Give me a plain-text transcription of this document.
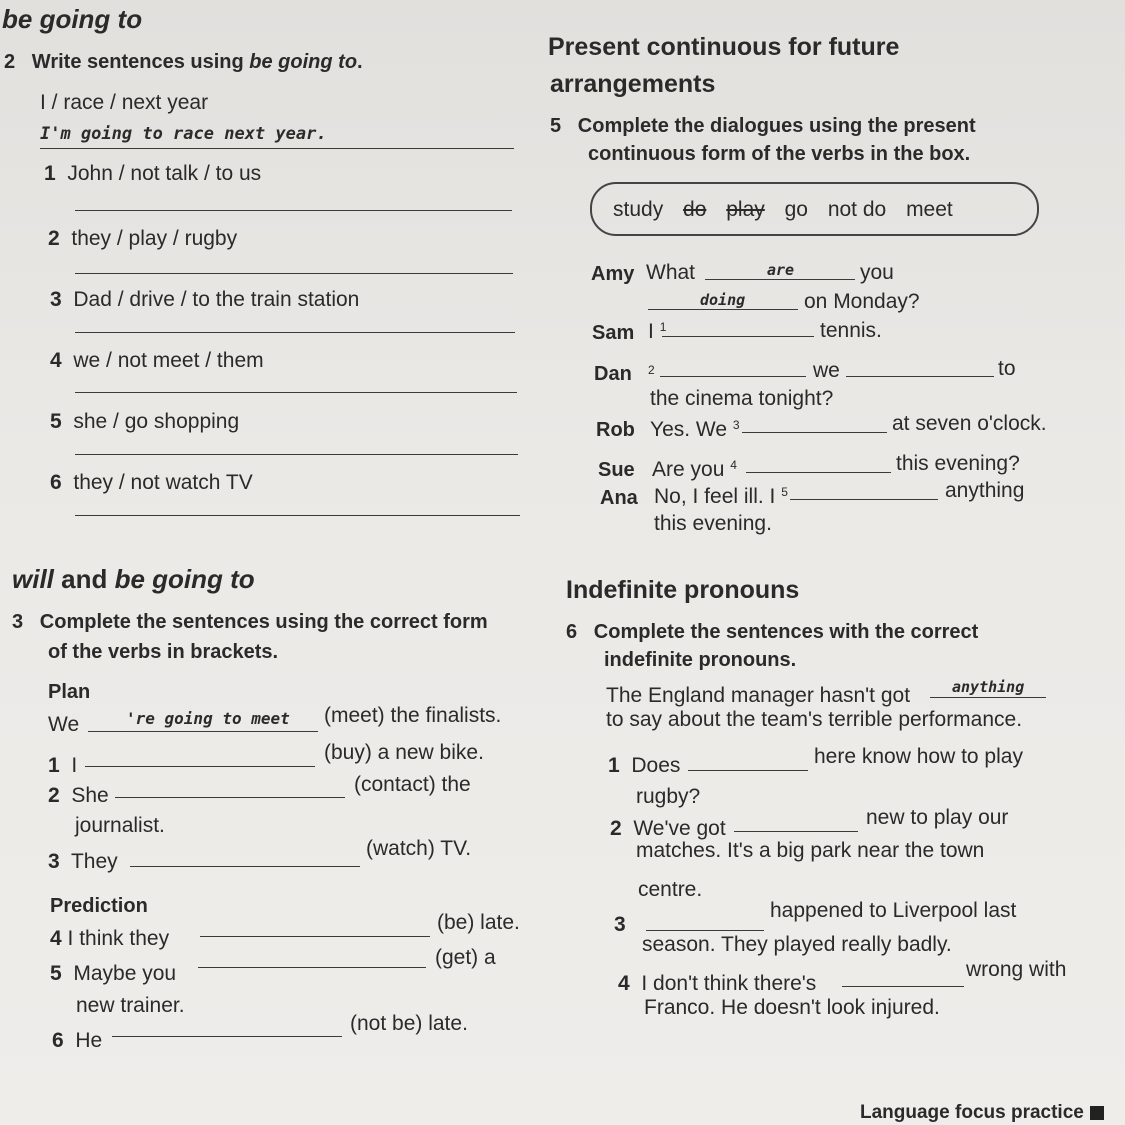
be going to
2 Write sentences using be going to.
I / race / next year
I'm going to race next year.
1 John / not talk / to us
2 they / play / rugby
3 Dad / drive / to the train station
4 we / not meet / them
5 she / go shopping
6 they / not watch TV
will and be going to
3 Complete the sentences using the correct form
of the verbs in brackets.
Plan
We	're going to meet (meet) the finalists.
1 I
(buy) a new bike.
2 She	(contact) the
journalist.
3 They
(watch) TV.
Prediction
4 I think they
(be) late.
5 Maybe you
(get) a
new trainer.
6 He
(not be) late.
Present continuous for future
arrangements
5 Complete the dialogues using the present
continuous form of the verbs in the box.
study do play go not do meet
Amy What	are	you
doing	on Monday?
Sam I $^1$	tennis.
Dan $^2$	we	to
the cinema tonight?
Rob Yes. We $^3$	at seven o'clock.
Sue Are you $^4$	this evening?
Ana No, I feel ill. I $^5$	anything
this evening.
Indefinite pronouns
6 Complete the sentences with the correct
indefinite pronouns.
The England manager hasn't got	anything
to say about the team's terrible performance.
1 Does	here know how to play
rugby?
2 We've got	new to play our
matches. It's a big park near the town
centre.
3
happened to Liverpool last
season. They played really badly.
4 I don't think there's
wrong with
Franco. He doesn't look injured.
Language focus practice
